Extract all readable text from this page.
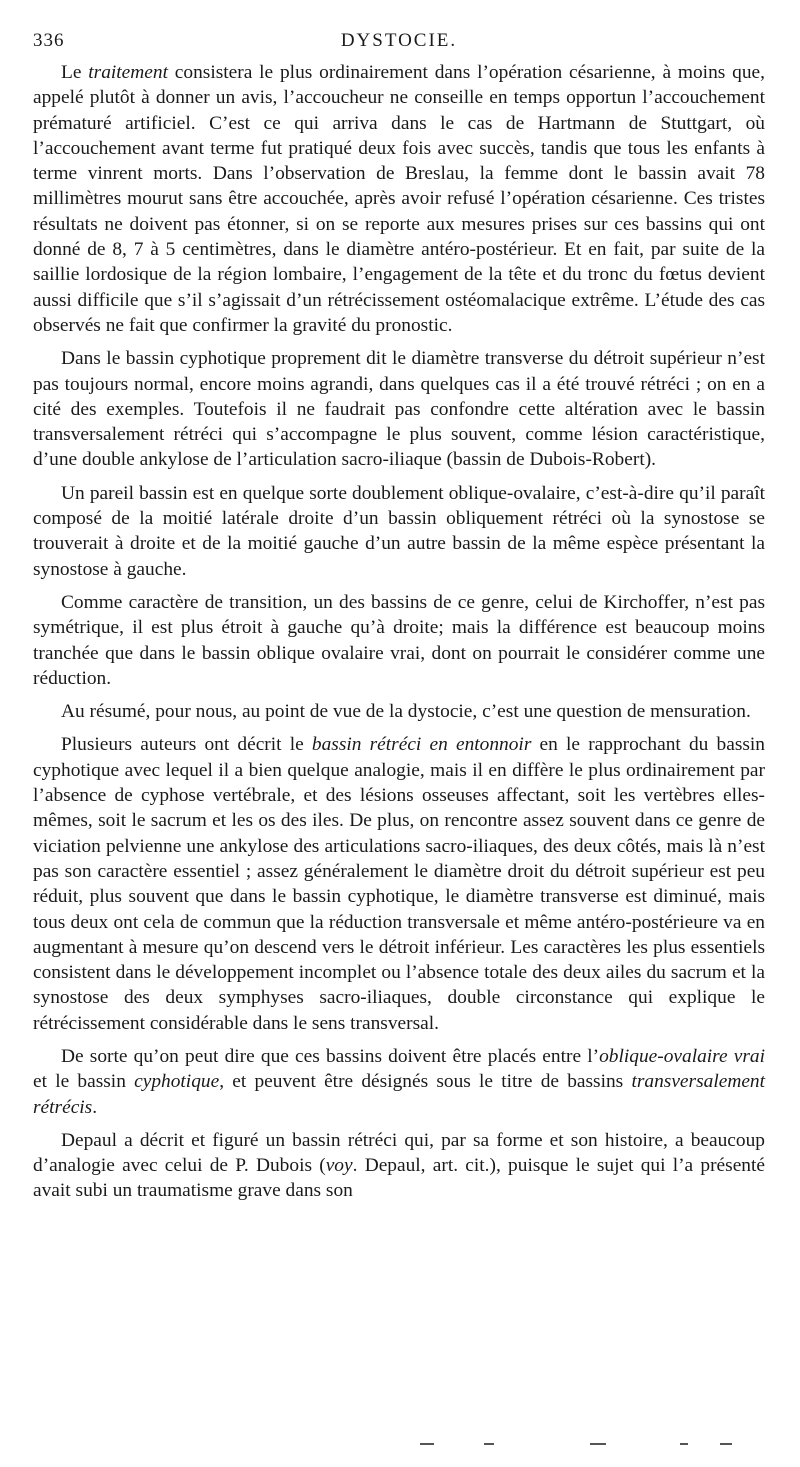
336	DYSTOCIE.

Le traitement consistera le plus ordinairement dans l’opération césarienne, à moins que, appelé plutôt à donner un avis, l’accoucheur ne conseille en temps opportun l’accouchement prématuré artificiel. C’est ce qui arriva dans le cas de Hartmann de Stuttgart, où l’accouchement avant terme fut pratiqué deux fois avec succès, tandis que tous les enfants à terme vinrent morts. Dans l’observation de Breslau, la femme dont le bassin avait 78 millimètres mourut sans être accouchée, après avoir refusé l’opération césarienne. Ces tristes résultats ne doivent pas étonner, si on se reporte aux mesures prises sur ces bassins qui ont donné de 8, 7 à 5 centimètres, dans le diamètre antéro-postérieur. Et en fait, par suite de la saillie lordosique de la région lombaire, l’engagement de la tête et du tronc du fœtus devient aussi difficile que s’il s’agissait d’un rétrécissement ostéomalacique extrême. L’étude des cas observés ne fait que confirmer la gravité du pronostic.

Dans le bassin cyphotique proprement dit le diamètre transverse du détroit supérieur n’est pas toujours normal, encore moins agrandi, dans quelques cas il a été trouvé rétréci ; on en a cité des exemples. Toutefois il ne faudrait pas confondre cette altération avec le bassin transversalement rétréci qui s’accompagne le plus souvent, comme lésion caractéristique, d’une double ankylose de l’articulation sacro-iliaque (bassin de Dubois-Robert).

Un pareil bassin est en quelque sorte doublement oblique-ovalaire, c’est-à-dire qu’il paraît composé de la moitié latérale droite d’un bassin obliquement rétréci où la synostose se trouverait à droite et de la moitié gauche d’un autre bassin de la même espèce présentant la synostose à gauche.

Comme caractère de transition, un des bassins de ce genre, celui de Kirchoffer, n’est pas symétrique, il est plus étroit à gauche qu’à droite; mais la différence est beaucoup moins tranchée que dans le bassin oblique ovalaire vrai, dont on pourrait le considérer comme une réduction.

Au résumé, pour nous, au point de vue de la dystocie, c’est une question de mensuration.

Plusieurs auteurs ont décrit le bassin rétréci en entonnoir en le rapprochant du bassin cyphotique avec lequel il a bien quelque analogie, mais il en diffère le plus ordinairement par l’absence de cyphose vertébrale, et des lésions osseuses affectant, soit les vertèbres elles-mêmes, soit le sacrum et les os des iles. De plus, on rencontre assez souvent dans ce genre de viciation pelvienne une ankylose des articulations sacro-iliaques, des deux côtés, mais là n’est pas son caractère essentiel ; assez généralement le diamètre droit du détroit supérieur est peu réduit, plus souvent que dans le bassin cyphotique, le diamètre transverse est diminué, mais tous deux ont cela de commun que la réduction transversale et même antéro-postérieure va en augmentant à mesure qu’on descend vers le détroit inférieur. Les caractères les plus essentiels consistent dans le développement incomplet ou l’absence totale des deux ailes du sacrum et la synostose des deux symphyses sacro-iliaques, double circonstance qui explique le rétrécissement considérable dans le sens transversal.

De sorte qu’on peut dire que ces bassins doivent être placés entre l’oblique-ovalaire vrai et le bassin cyphotique, et peuvent être désignés sous le titre de bassins transversalement rétrécis.

Depaul a décrit et figuré un bassin rétréci qui, par sa forme et son histoire, a beaucoup d’analogie avec celui de P. Dubois (voy. Depaul, art. cit.), puisque le sujet qui l’a présenté avait subi un traumatisme grave dans son
